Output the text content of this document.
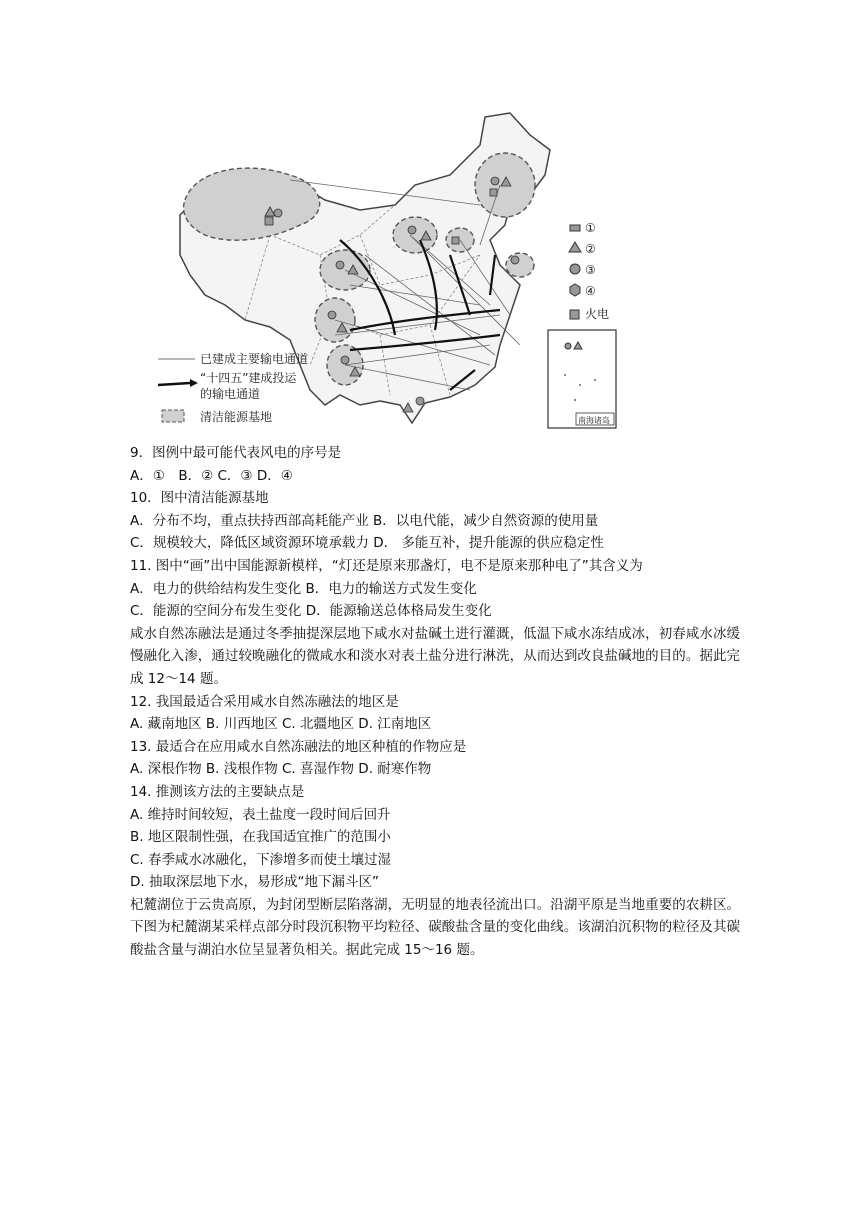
①
②
③
④
火电
南海诸岛
已建成主要输电通道
“十四五”建成投运
的输电通道
清洁能源基地
9．图例中最可能代表风电的序号是
A．①　B．② C．③ D．④
10．图中清洁能源基地
A．分布不均，重点扶持西部高耗能产业 B．以电代能，减少自然资源的使用量
C．规模较大，降低区域资源环境承载力 D． 多能互补，提升能源的供应稳定性
11. 图中“画”出中国能源新模样，“灯还是原来那盏灯，电不是原来那种电了”其含义为
A．电力的供给结构发生变化 B．电力的输送方式发生变化
C．能源的空间分布发生变化 D．能源输送总体格局发生变化
咸水自然冻融法是通过冬季抽提深层地下咸水对盐碱土进行灌溉，低温下咸水冻结成冰，初春咸水冰缓慢融化入渗，通过较晚融化的微咸水和淡水对表土盐分进行淋洗，从而达到改良盐碱地的目的。据此完成 12～14 题。
12. 我国最适合采用咸水自然冻融法的地区是
A. 藏南地区 B. 川西地区 C. 北疆地区 D. 江南地区
13. 最适合在应用咸水自然冻融法的地区种植的作物应是
A. 深根作物 B. 浅根作物 C. 喜湿作物 D. 耐寒作物
14. 推测该方法的主要缺点是
A. 维持时间较短，表土盐度一段时间后回升
B. 地区限制性强，在我国适宜推广的范围小
C. 春季咸水冰融化，下渗增多而使土壤过湿
D. 抽取深层地下水，易形成“地下漏斗区”
杞麓湖位于云贵高原，为封闭型断层陷落湖，无明显的地表径流出口。沿湖平原是当地重要的农耕区。下图为杞麓湖某采样点部分时段沉积物平均粒径、碳酸盐含量的变化曲线。该湖泊沉积物的粒径及其碳酸盐含量与湖泊水位呈显著负相关。据此完成 15～16 题。
